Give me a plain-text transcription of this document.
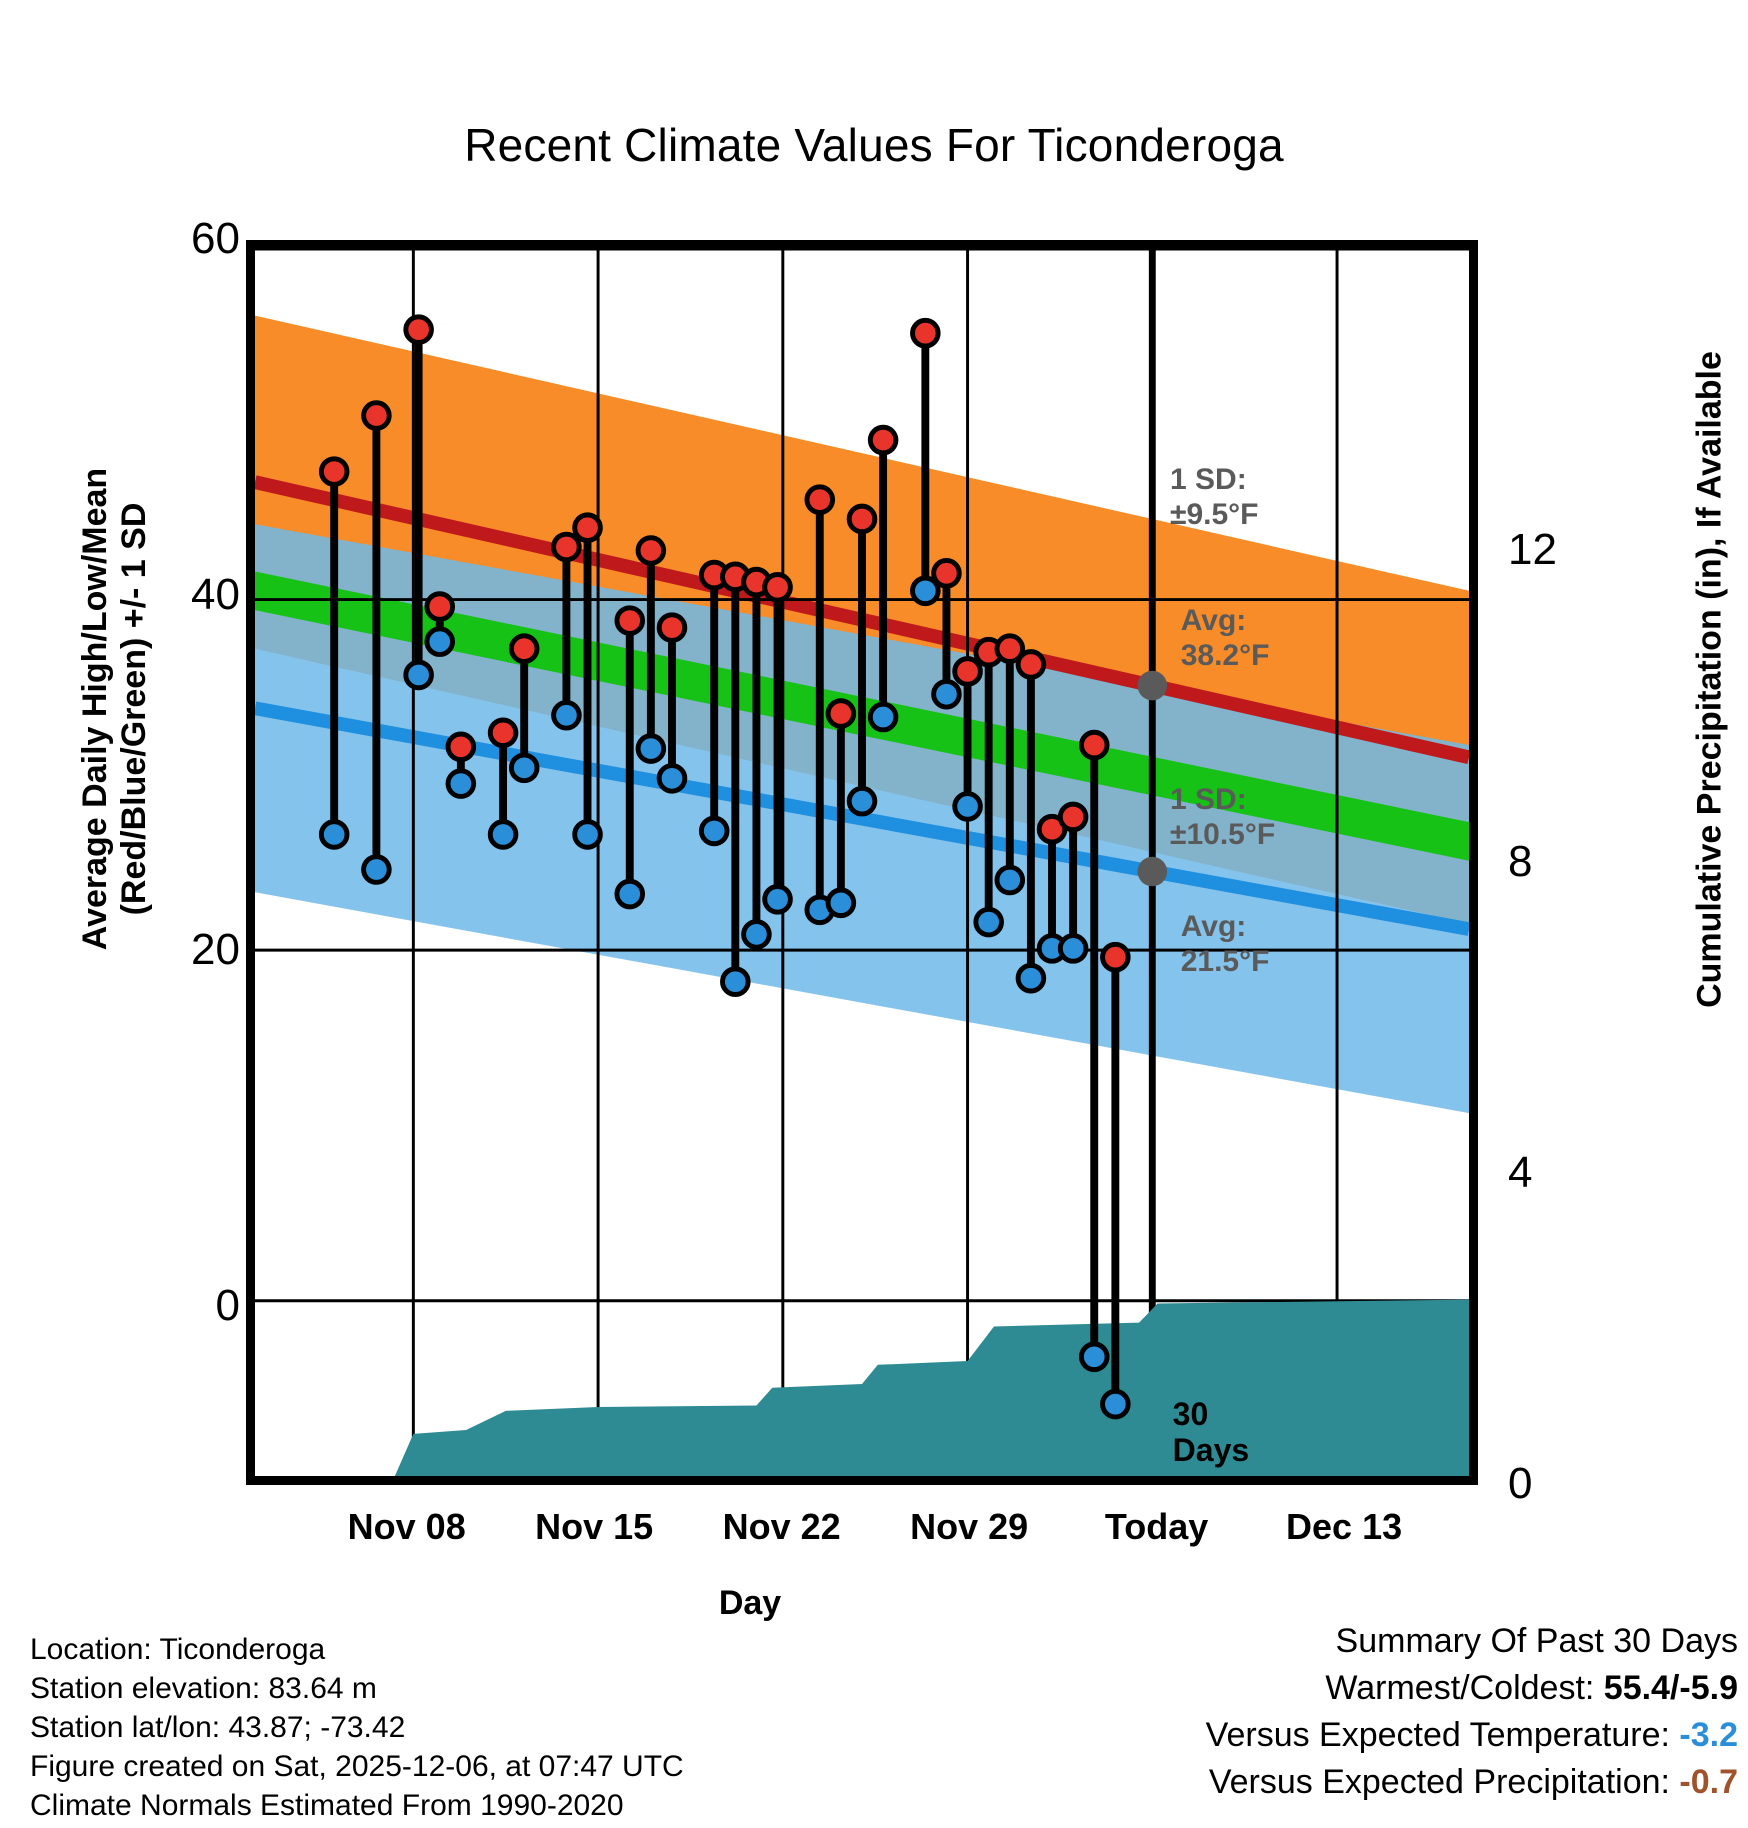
Recent Climate Values For Ticonderoga
Average Daily High/Low/Mean (Red/Blue/Green) +/- 1 SD	Cumulative Precipitation (in), If Available
Day
0
20
40
60
0
4
8
12
Nov 08	Nov 15	Nov 22	Nov 29	Today	Dec 13
1 SD:
±9.5°F
Avg:
38.2°F
1 SD:
±10.5°F
Avg:
21.5°F
30
Days
Location: Ticonderoga
Station elevation: 83.64 m
Station lat/lon: 43.87; -73.42
Figure created on Sat, 2025-12-06, at 07:47 UTC
Climate Normals Estimated From 1990-2020
Summary Of Past 30 Days
Warmest/Coldest: 55.4/-5.9
Versus Expected Temperature: -3.2
Versus Expected Precipitation: -0.7
